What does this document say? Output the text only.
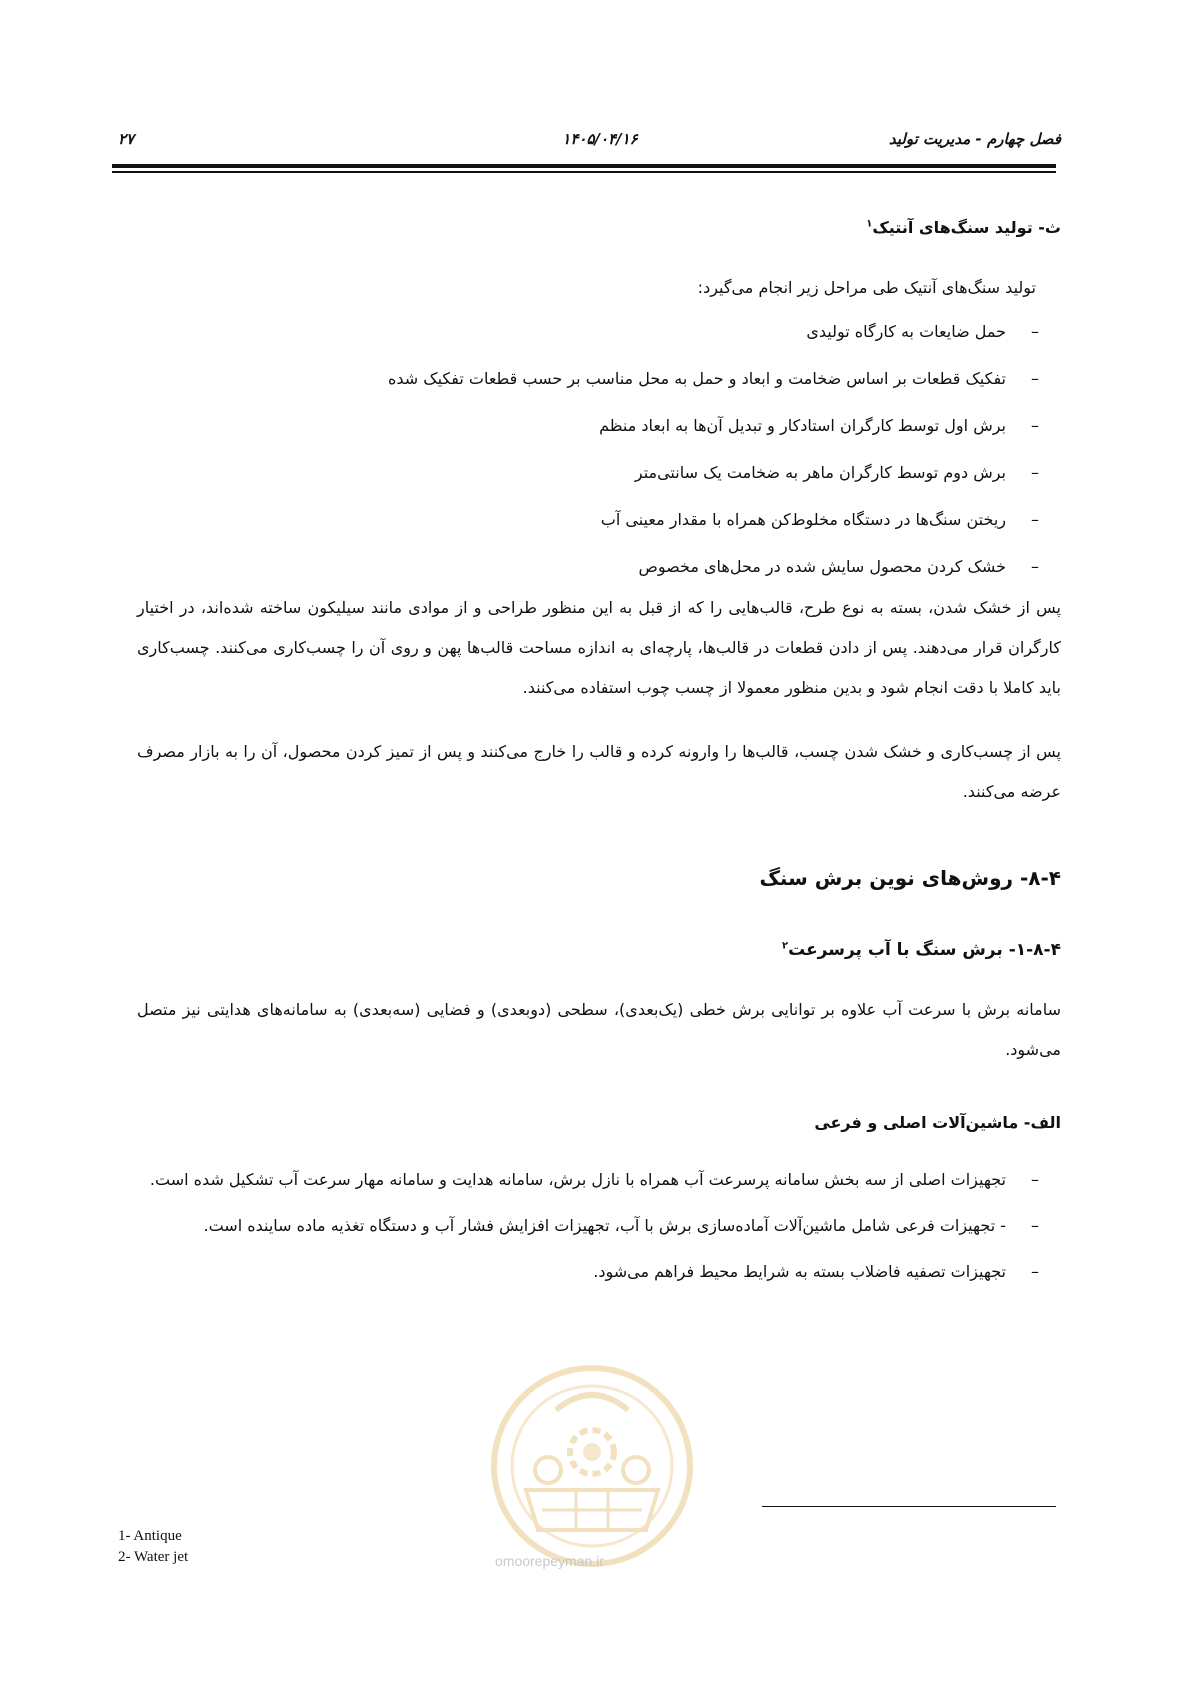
فصل چهارم - مدیریت تولید
۱۴۰۵/۰۴/۱۶
۲۷
ث- تولید سنگ‌های آنتیک$^۱$
تولید سنگ‌های آنتیک طی مراحل زیر انجام می‌گیرد:
–
حمل ضایعات به کارگاه تولیدی
–
تفکیک قطعات بر اساس ضخامت و ابعاد و حمل به محل مناسب بر حسب قطعات تفکیک شده
–
برش اول توسط کارگران استادکار و تبدیل آن‌ها به ابعاد منظم
–
برش دوم توسط کارگران ماهر به ضخامت یک سانتی‌متر
–
ریختن سنگ‌ها در دستگاه مخلوط‌کن همراه با مقدار معینی آب
–
خشک کردن محصول سایش شده در محل‌های مخصوص
پس از خشک شدن، بسته به نوع طرح، قالب‌هایی را که از قبل به این منظور طراحی و از موادی مانند سیلیکون ساخته شده‌اند، در اختیار کارگران قرار می‌دهند. پس از دادن قطعات در قالب‌ها، پارچه‌ای به اندازه مساحت قالب‌ها پهن و روی آن را چسب‌کاری می‌کنند. چسب‌کاری باید کاملا با دقت انجام شود و بدین منظور معمولا از چسب چوب استفاده می‌کنند.
پس از چسب‌کاری و خشک شدن چسب، قالب‌ها را وارونه کرده و قالب را خارج می‌کنند و پس از تمیز کردن محصول، آن را به بازار مصرف عرضه می‌کنند.
۸-۴- روش‌های نوین برش سنگ
۱-۸-۴- برش سنگ با آب پرسرعت$^۲$
سامانه برش با سرعت آب علاوه بر توانایی برش خطی (یک‌بعدی)، سطحی (دوبعدی) و فضایی (سه‌بعدی) به سامانه‌های هدایتی نیز متصل می‌شود.
الف- ماشین‌آلات اصلی و فرعی
–
تجهیزات اصلی از سه بخش سامانه پرسرعت آب همراه با نازل برش، سامانه هدایت و سامانه مهار سرعت آب تشکیل شده است.
–
- تجهیزات فرعی شامل ماشین‌آلات آماده‌سازی برش با آب، تجهیزات افزایش فشار آب و دستگاه تغذیه ماده ساینده است.
–
تجهیزات تصفیه فاضلاب بسته به شرایط محیط فراهم می‌شود.
omoorepeyman.ir
1- Antique
2- Water jet
